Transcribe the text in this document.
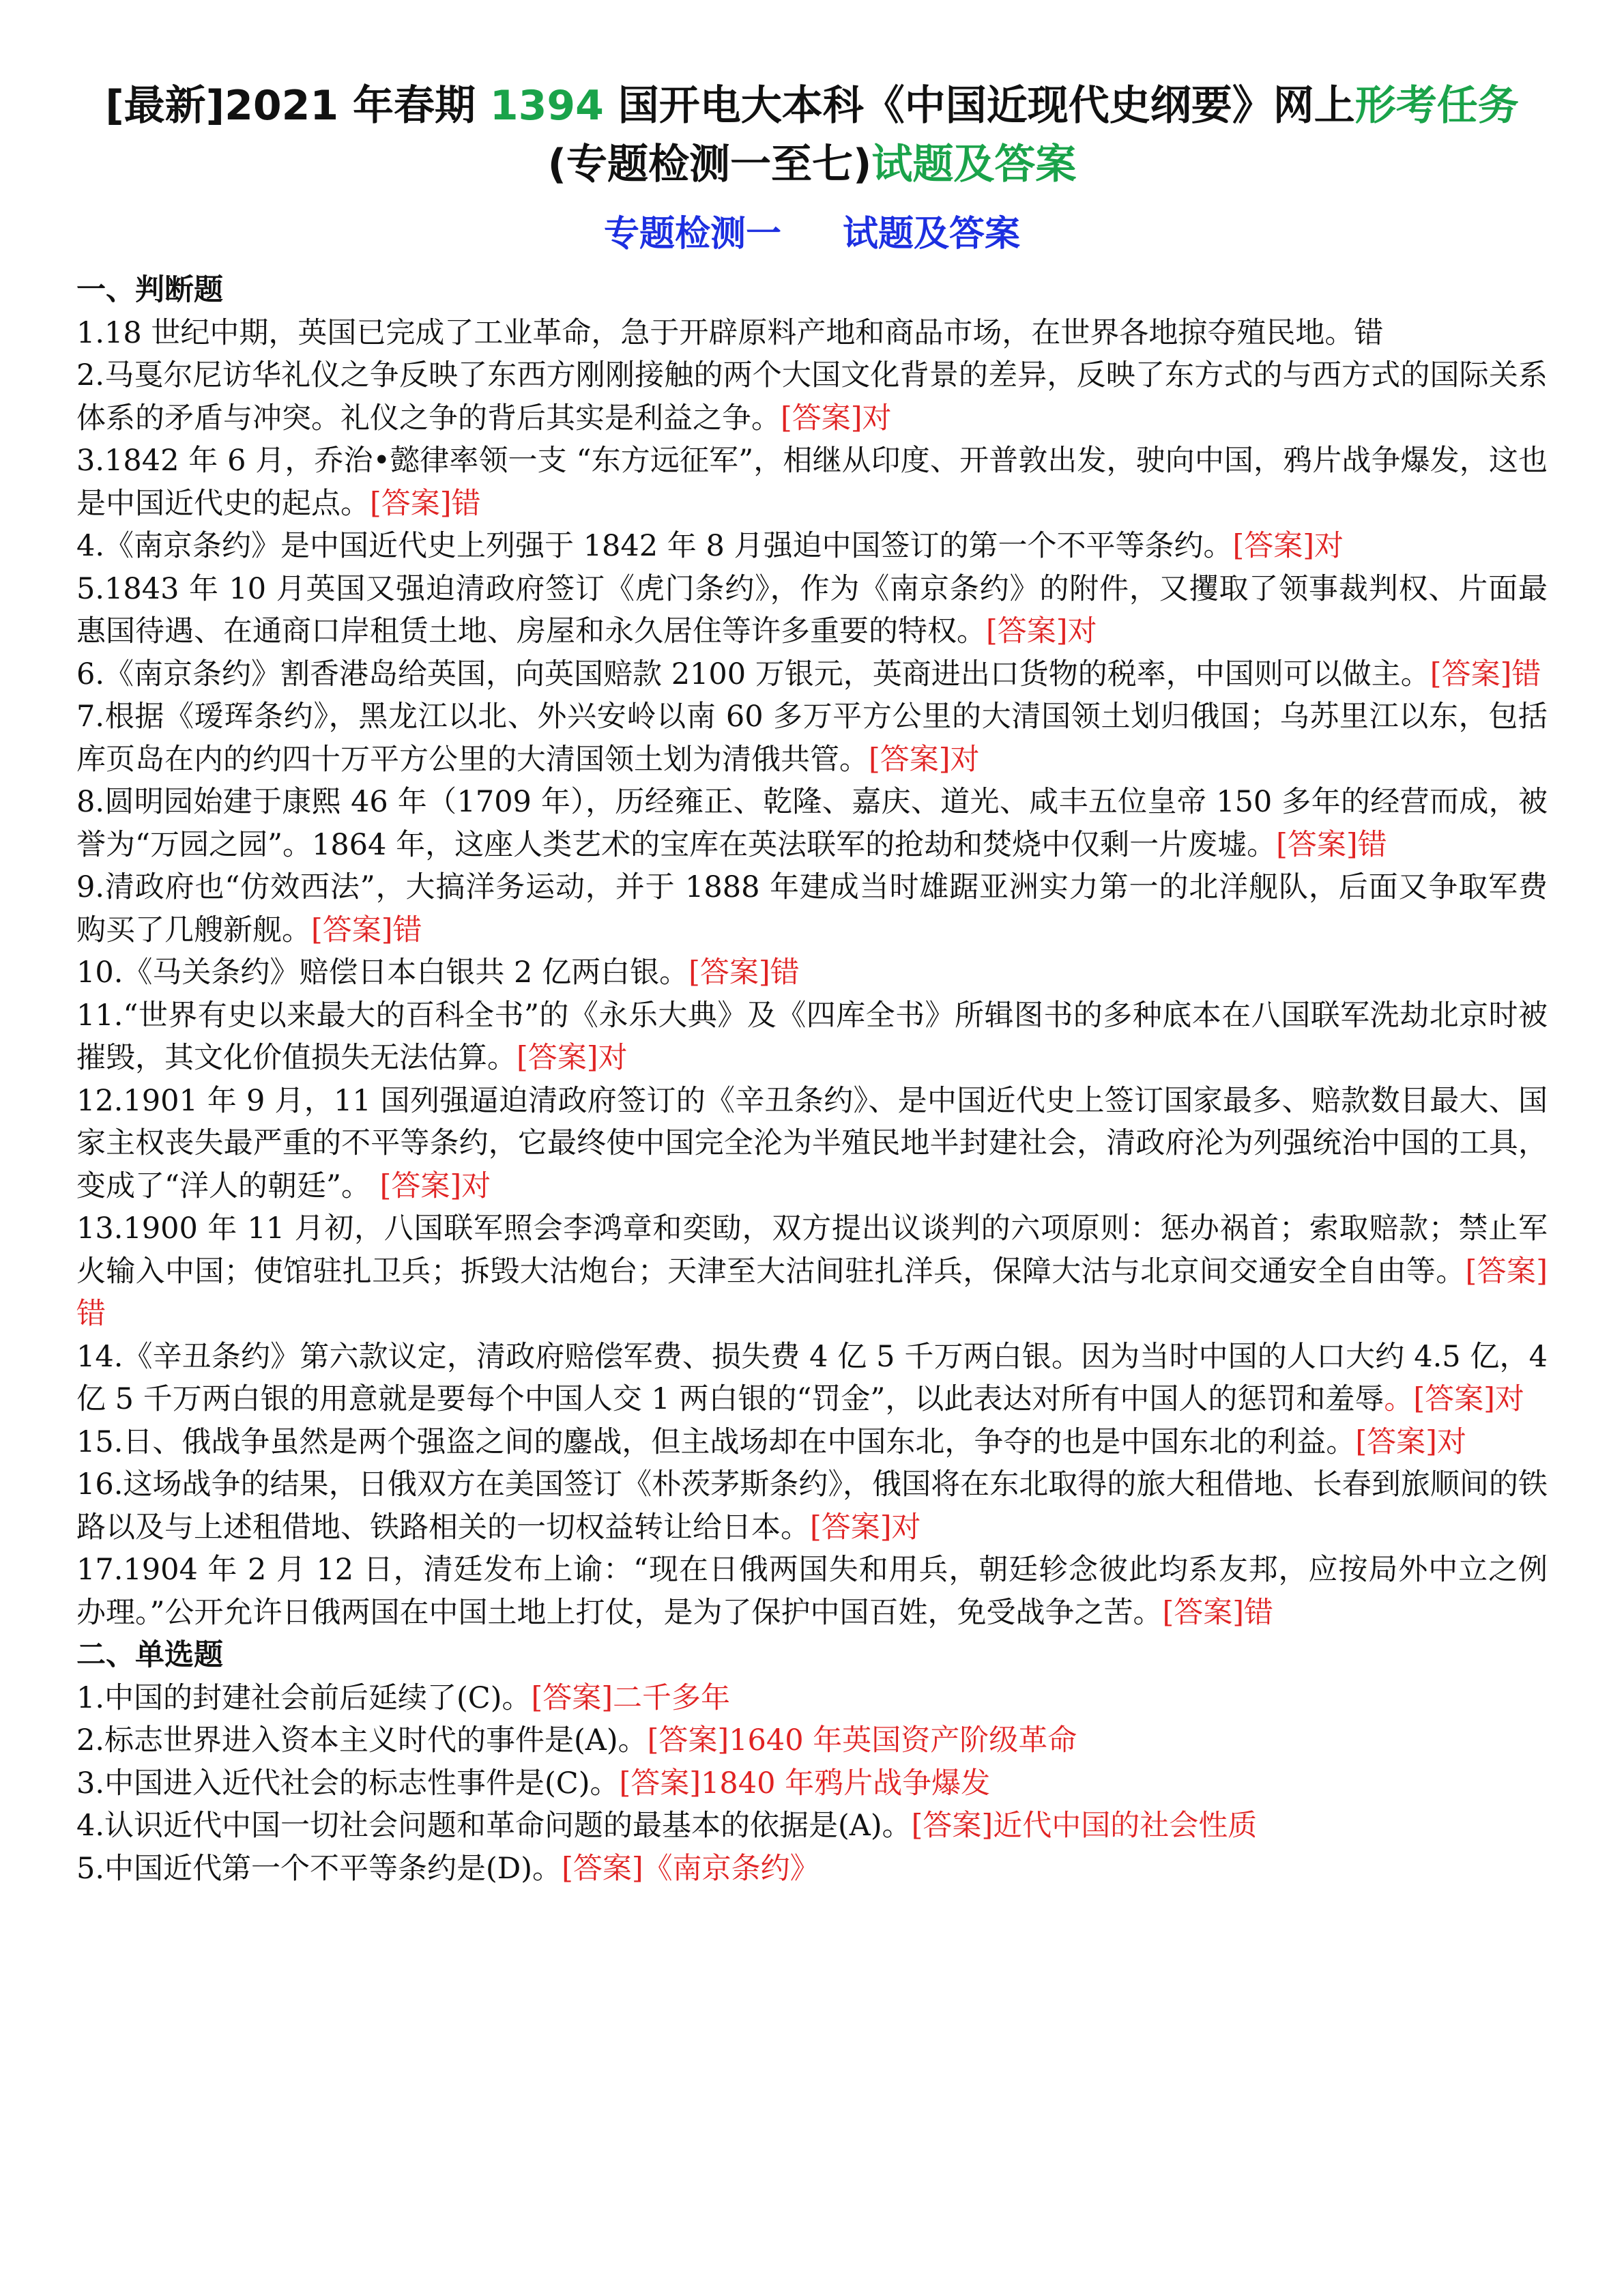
[最新]2021 年春期 1394 国开电大本科《中国近现代史纲要》网上形考任务
(专题检测一至七)试题及答案
专题检测一 试题及答案
一、判断题

1.18 世纪中期，英国已完成了工业革命，急于开辟原料产地和商品市场，在世界各地掠夺殖民地。错

2.马戛尔尼访华礼仪之争反映了东西方刚刚接触的两个大国文化背景的差异，反映了东方式的与西方式的国际关系体系的矛盾与冲突。礼仪之争的背后其实是利益之争。[答案]对

3.1842 年 6 月，乔治•懿律率领一支 “东方远征军”，相继从印度、开普敦出发，驶向中国，鸦片战争爆发，这也是中国近代史的起点。[答案]错

4.《南京条约》是中国近代史上列强于 1842 年 8 月强迫中国签订的第一个不平等条约。[答案]对

5.1843 年 10 月英国又强迫清政府签订《虎门条约》，作为《南京条约》的附件，又攫取了领事裁判权、片面最惠国待遇、在通商口岸租赁土地、房屋和永久居住等许多重要的特权。[答案]对

6.《南京条约》割香港岛给英国，向英国赔款 2100 万银元，英商进出口货物的税率，中国则可以做主。[答案]错

7.根据《瑷珲条约》，黑龙江以北、外兴安岭以南 60 多万平方公里的大清国领土划归俄国；乌苏里江以东，包括库页岛在内的约四十万平方公里的大清国领土划为清俄共管。[答案]对

8.圆明园始建于康熙 46 年（1709 年），历经雍正、乾隆、嘉庆、道光、咸丰五位皇帝 150 多年的经营而成，被誉为“万园之园”。1864 年，这座人类艺术的宝库在英法联军的抢劫和焚烧中仅剩一片废墟。[答案]错

9.清政府也“仿效西法”，大搞洋务运动，并于 1888 年建成当时雄踞亚洲实力第一的北洋舰队，后面又争取军费购买了几艘新舰。[答案]错

10.《马关条约》赔偿日本白银共 2 亿两白银。[答案]错

11.“世界有史以来最大的百科全书”的《永乐大典》及《四库全书》所辑图书的多种底本在八国联军洗劫北京时被摧毁，其文化价值损失无法估算。[答案]对

12.1901 年 9 月，11 国列强逼迫清政府签订的《辛丑条约》、是中国近代史上签订国家最多、赔款数目最大、国家主权丧失最严重的不平等条约，它最终使中国完全沦为半殖民地半封建社会，清政府沦为列强统治中国的工具，变成了“洋人的朝廷”。 [答案]对

13.1900 年 11 月初，八国联军照会李鸿章和奕劻，双方提出议谈判的六项原则：惩办祸首；索取赔款；禁止军火输入中国；使馆驻扎卫兵；拆毁大沽炮台；天津至大沽间驻扎洋兵，保障大沽与北京间交通安全自由等。[答案]错

14.《辛丑条约》第六款议定，清政府赔偿军费、损失费 4 亿 5 千万两白银。因为当时中国的人口大约 4.5 亿，4 亿 5 千万两白银的用意就是要每个中国人交 1 两白银的“罚金”，以此表达对所有中国人的惩罚和羞辱。[答案]对

15.日、俄战争虽然是两个强盗之间的鏖战，但主战场却在中国东北，争夺的也是中国东北的利益。[答案]对

16.这场战争的结果，日俄双方在美国签订《朴茨茅斯条约》，俄国将在东北取得的旅大租借地、长春到旅顺间的铁路以及与上述租借地、铁路相关的一切权益转让给日本。[答案]对

17.1904 年 2 月 12 日，清廷发布上谕：“现在日俄两国失和用兵，朝廷轸念彼此均系友邦，应按局外中立之例办理。”公开允许日俄两国在中国土地上打仗，是为了保护中国百姓，免受战争之苦。[答案]错

二、单选题

1.中国的封建社会前后延续了(C)。[答案]二千多年

2.标志世界进入资本主义时代的事件是(A)。[答案]1640 年英国资产阶级革命

3.中国进入近代社会的标志性事件是(C)。[答案]1840 年鸦片战争爆发

4.认识近代中国一切社会问题和革命问题的最基本的依据是(A)。[答案]近代中国的社会性质

5.中国近代第一个不平等条约是(D)。[答案]《南京条约》
